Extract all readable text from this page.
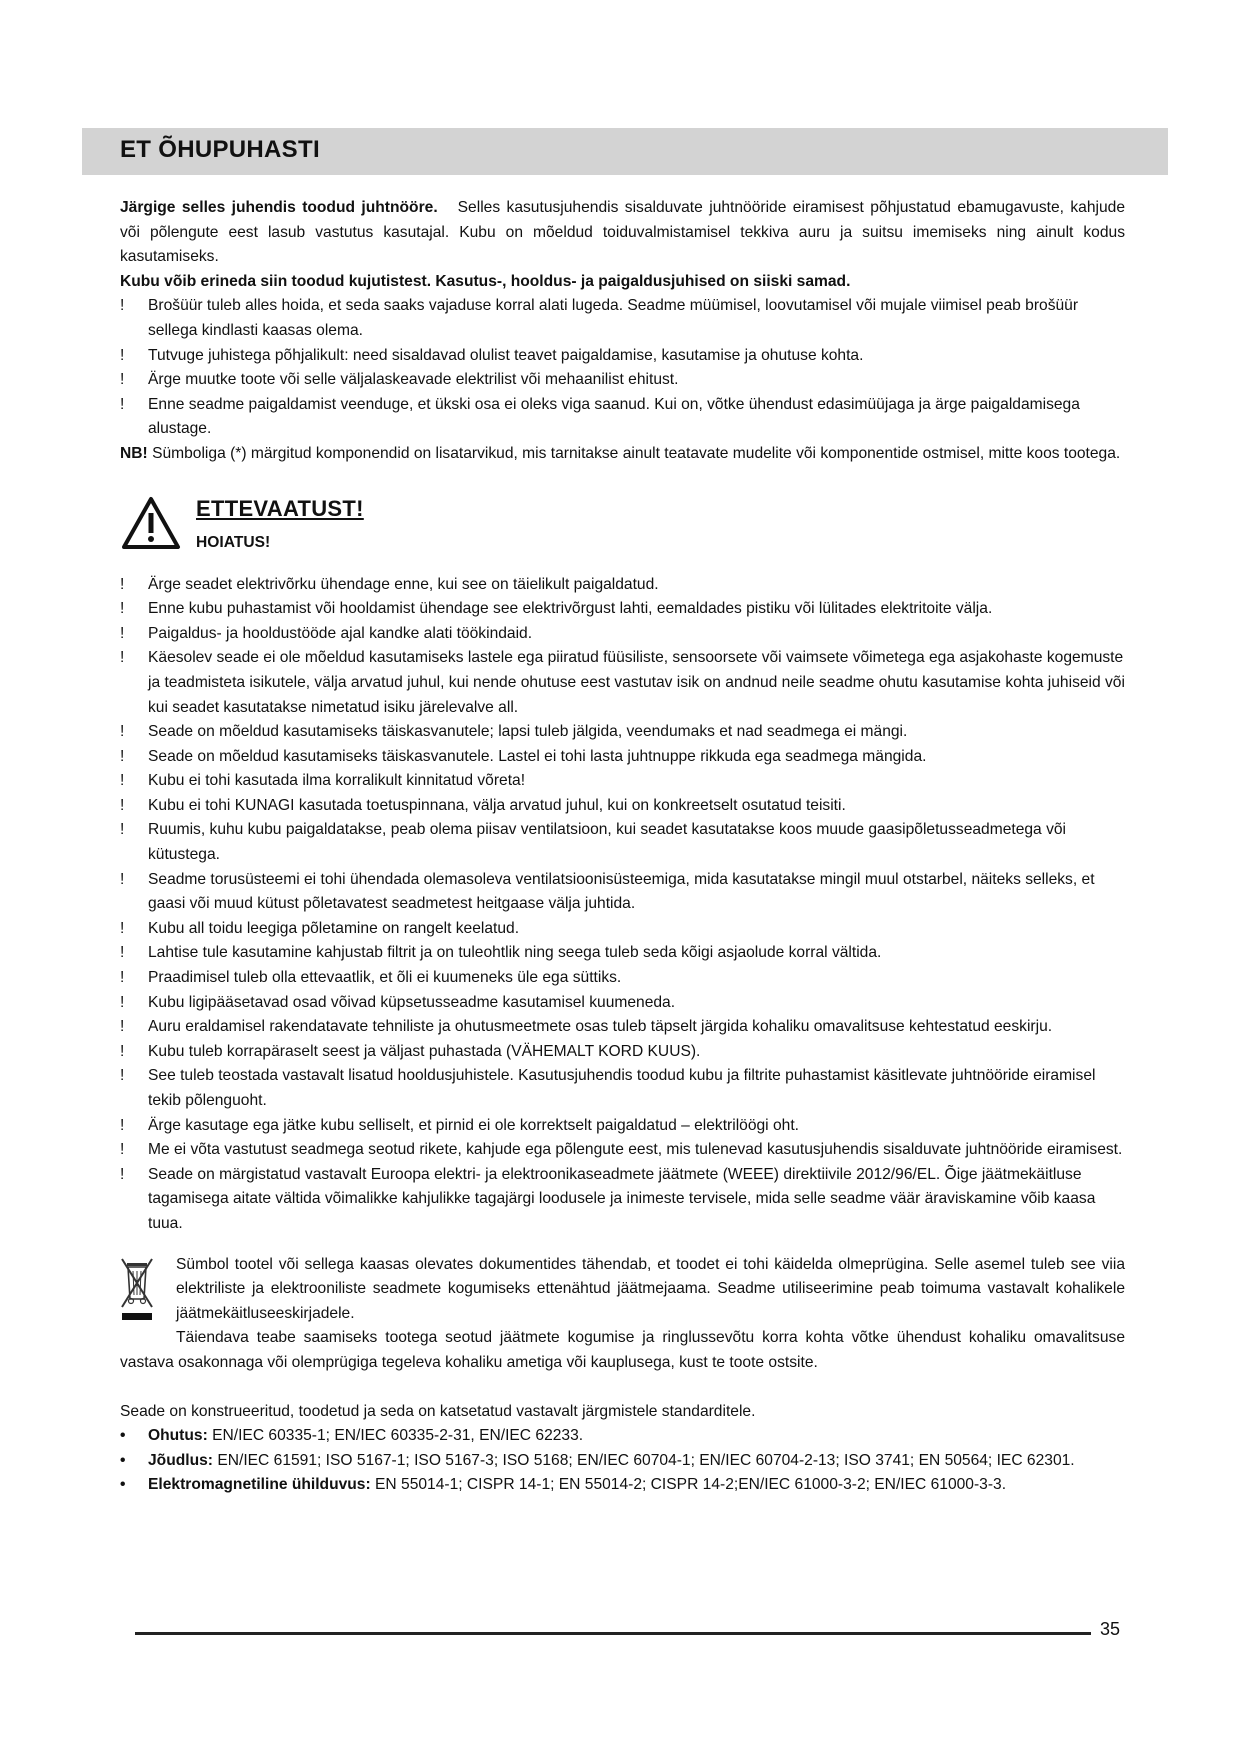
ET ÕHUPUHASTI

Järgige selles juhendis toodud juhtnööre. Selles kasutusjuhendis sisalduvate juhtnööride eiramisest põhjustatud ebamugavuste, kahjude või põlengute eest lasub vastutus kasutajal. Kubu on mõeldud toiduvalmistamisel tekkiva auru ja suitsu imemiseks ning ainult kodus kasutamiseks.

Kubu võib erineda siin toodud kujutistest. Kasutus-, hooldus- ja paigaldusjuhised on siiski samad.

! Brošüür tuleb alles hoida, et seda saaks vajaduse korral alati lugeda. Seadme müümisel, loovutamisel või mujale viimisel peab brošüür sellega kindlasti kaasas olema.
! Tutvuge juhistega põhjalikult: need sisaldavad olulist teavet paigaldamise, kasutamise ja ohutuse kohta.
! Ärge muutke toote või selle väljalaskeavade elektrilist või mehaanilist ehitust.
! Enne seadme paigaldamist veenduge, et ükski osa ei oleks viga saanud. Kui on, võtke ühendust edasimüüjaga ja ärge paigaldamisega alustage.

NB! Sümboliga (*) märgitud komponendid on lisatarvikud, mis tarnitakse ainult teatavate mudelite või komponentide ostmisel, mitte koos tootega.

ETTEVAATUST!
HOIATUS!
! Ärge seadet elektrivõrku ühendage enne, kui see on täielikult paigaldatud.
! Enne kubu puhastamist või hooldamist ühendage see elektrivõrgust lahti, eemaldades pistiku või lülitades elektritoite välja.
! Paigaldus- ja hooldustööde ajal kandke alati töökindaid.
! Käesolev seade ei ole mõeldud kasutamiseks lastele ega piiratud füüsiliste, sensoorsete või vaimsete võimetega ega asjakohaste kogemuste ja teadmisteta isikutele, välja arvatud juhul, kui nende ohutuse eest vastutav isik on andnud neile seadme ohutu kasutamise kohta juhiseid või kui seadet kasutatakse nimetatud isiku järelevalve all.
! Seade on mõeldud kasutamiseks täiskasvanutele; lapsi tuleb jälgida, veendumaks et nad seadmega ei mängi.
! Seade on mõeldud kasutamiseks täiskasvanutele. Lastel ei tohi lasta juhtnuppe rikkuda ega seadmega mängida.
! Kubu ei tohi kasutada ilma korralikult kinnitatud võreta!
! Kubu ei tohi KUNAGI kasutada toetuspinnana, välja arvatud juhul, kui on konkreetselt osutatud teisiti.
! Ruumis, kuhu kubu paigaldatakse, peab olema piisav ventilatsioon, kui seadet kasutatakse koos muude gaasipõletusseadmetega või kütustega.
! Seadme torusüsteemi ei tohi ühendada olemasoleva ventilatsioonisüsteemiga, mida kasutatakse mingil muul otstarbel, näiteks selleks, et gaasi või muud kütust põletavatest seadmetest heitgaase välja juhtida.
! Kubu all toidu leegiga põletamine on rangelt keelatud.
! Lahtise tule kasutamine kahjustab filtrit ja on tuleohtlik ning seega tuleb seda kõigi asjaolude korral vältida.
! Praadimisel tuleb olla ettevaatlik, et õli ei kuumeneks üle ega süttiks.
! Kubu ligipääsetavad osad võivad küpsetusseadme kasutamisel kuumeneda.
! Auru eraldamisel rakendatavate tehniliste ja ohutusmeetmete osas tuleb täpselt järgida kohaliku omavalitsuse kehtestatud eeskirju.
! Kubu tuleb korrapäraselt seest ja väljast puhastada (VÄHEMALT KORD KUUS).
! See tuleb teostada vastavalt lisatud hooldusjuhistele. Kasutusjuhendis toodud kubu ja filtrite puhastamist käsitlevate juhtnööride eiramisel tekib põlenguoht.
! Ärge kasutage ega jätke kubu selliselt, et pirnid ei ole korrektselt paigaldatud – elektrilöögi oht.
! Me ei võta vastutust seadmega seotud rikete, kahjude ega põlengute eest, mis tulenevad kasutusjuhendis sisalduvate juhtnööride eiramisest.
! Seade on märgistatud vastavalt Euroopa elektri- ja elektroonikaseadmete jäätmete (WEEE) direktiivile 2012/96/EL. Õige jäätmekäitluse tagamisega aitate vältida võimalikke kahjulikke tagajärgi loodusele ja inimeste tervisele, mida selle seadme väär äraviskamine võib kaasa tuua.

Sümbol tootel või sellega kaasas olevates dokumentides tähendab, et toodet ei tohi käidelda olmeprügina. Selle asemel tuleb see viia elektriliste ja elektrooniliste seadmete kogumiseks ettenähtud jäätmejaama. Seadme utiliseerimine peab toimuma vastavalt kohalikele jäätmekäitluseeskirjadele.

Täiendava teabe saamiseks tootega seotud jäätmete kogumise ja ringlussevõtu korra kohta võtke ühendust kohaliku omavalitsuse vastava osakonnaga või olemprügiga tegeleva kohaliku ametiga või kauplusega, kust te toote ostsite.

Seade on konstrueeritud, toodetud ja seda on katsetatud vastavalt järgmistele standarditele.

• Ohutus: EN/IEC 60335-1; EN/IEC 60335-2-31, EN/IEC 62233.
• Jõudlus: EN/IEC 61591; ISO 5167-1; ISO 5167-3; ISO 5168; EN/IEC 60704-1; EN/IEC 60704-2-13; ISO 3741; EN 50564; IEC 62301.
• Elektromagnetiline ühilduvus: EN 55014-1; CISPR 14-1; EN 55014-2; CISPR 14-2;EN/IEC 61000-3-2; EN/IEC 61000-3-3.
35
